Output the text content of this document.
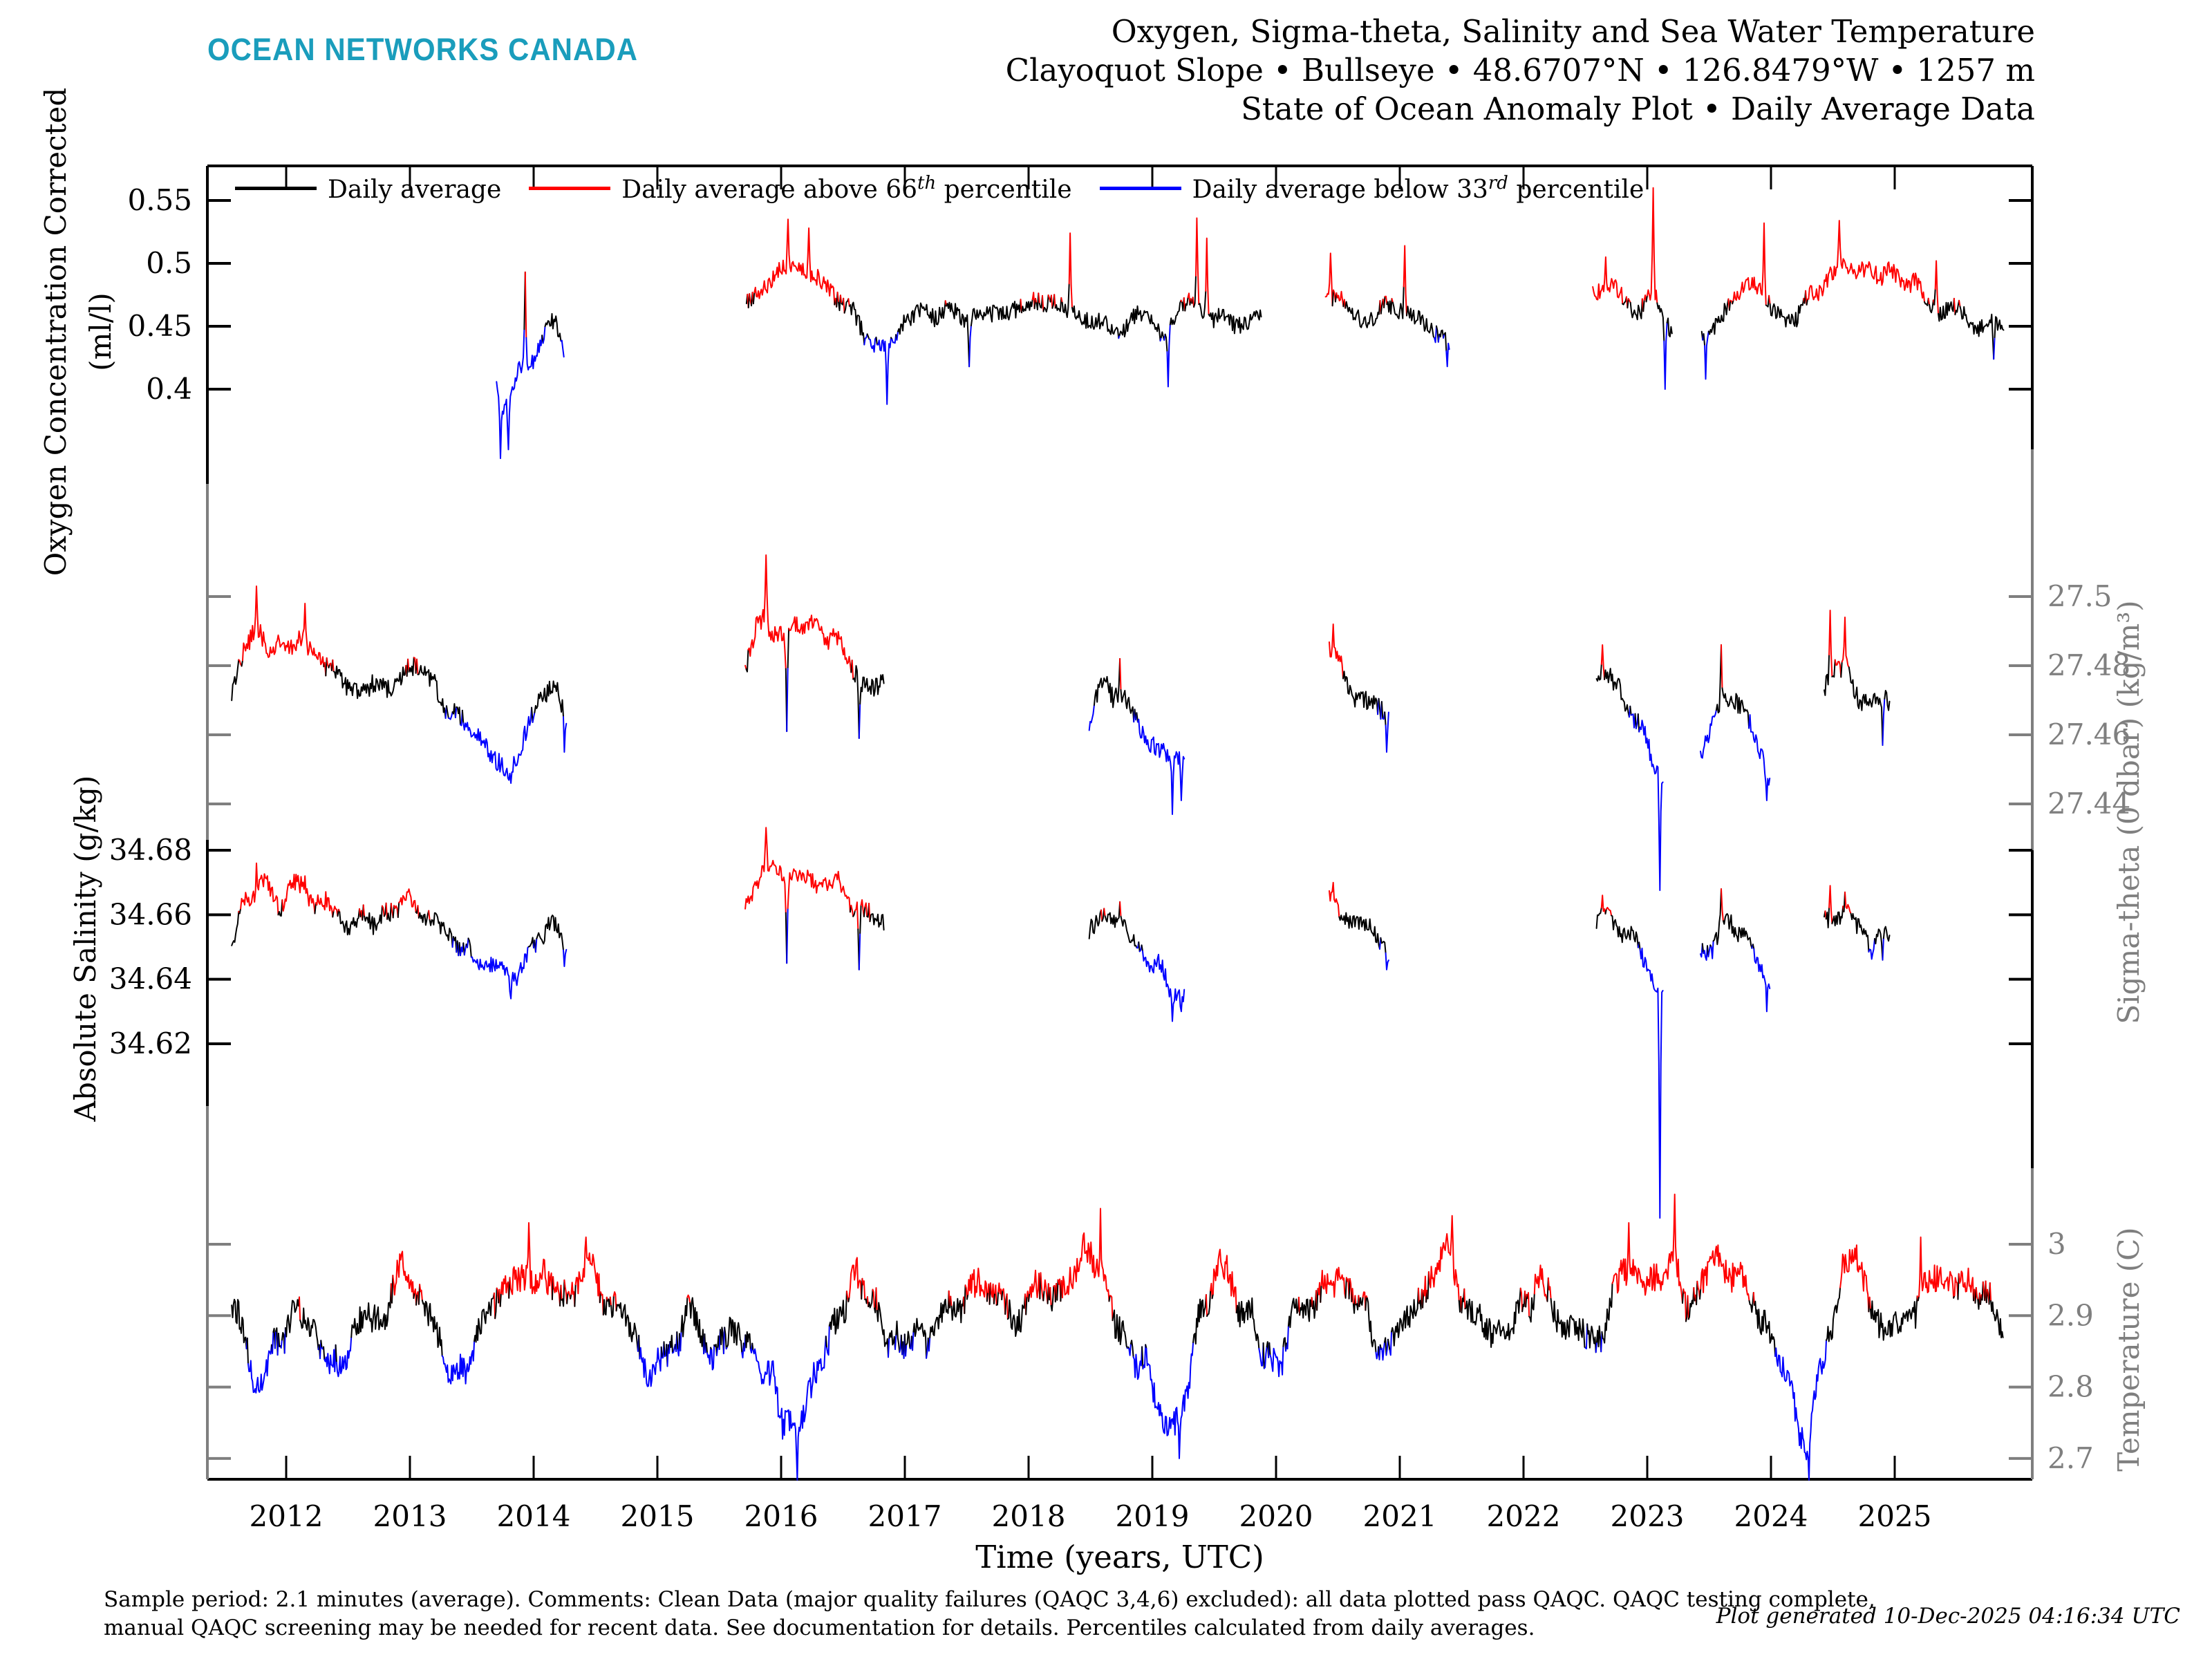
OCEAN NETWORKS CANADA	Oxygen, Sigma-theta, Salinity and Sea Water Temperature
Clayoquot Slope • Bullseye • 48.6707°N • 126.8479°W • 1257 m
State of Ocean Anomaly Plot • Daily Average Data
2012 2013 2014 2015 2016 2017 2018 2019 2020 2021 2022 2023 2024 2025
Time (years, UTC)
0.55
0.5
0.45
0.4
27.5
27.48
27.46
27.44
34.68
34.66
34.64
34.62
3
2.9
2.8
2.7
Oxygen Concentration Corrected (ml/l)
Absolute Salinity (g/kg)	Sigma-theta (0 dbar) (kg/m³)
Temperature (C)
Daily average	Daily average above 66th percentile	Daily average below 33rd percentile
Sample period: 2.1 minutes (average). Comments: Clean Data (major quality failures (QAQC 3,4,6) excluded): all data plotted pass QAQC. QAQC testing complete,
manual QAQC screening may be needed for recent data. See documentation for details. Percentiles calculated from daily averages.	Plot generated 10-Dec-2025 04:16:34 UTC
